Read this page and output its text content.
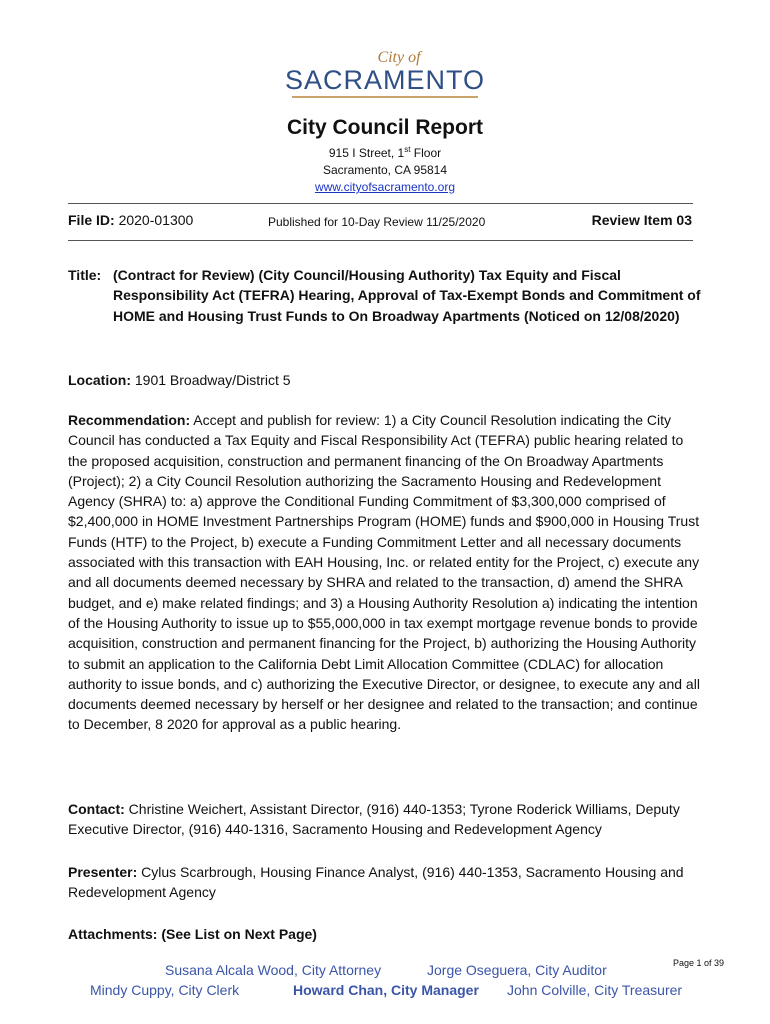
City of
SACRAMENTO
City Council Report
915 I Street, 1st Floor
Sacramento, CA 95814
www.cityofsacramento.org
File ID: 2020-01300	Published for 10-Day Review 11/25/2020	Review Item 03
Title: (Contract for Review) (City Council/Housing Authority) Tax Equity and Fiscal Responsibility Act (TEFRA) Hearing, Approval of Tax-Exempt Bonds and Commitment of HOME and Housing Trust Funds to On Broadway Apartments (Noticed on 12/08/2020)
Location: 1901 Broadway/District 5
Recommendation: Accept and publish for review: 1) a City Council Resolution indicating the City Council has conducted a Tax Equity and Fiscal Responsibility Act (TEFRA) public hearing related to the proposed acquisition, construction and permanent financing of the On Broadway Apartments (Project); 2) a City Council Resolution authorizing the Sacramento Housing and Redevelopment Agency (SHRA) to: a) approve the Conditional Funding Commitment of $3,300,000 comprised of $2,400,000 in HOME Investment Partnerships Program (HOME) funds and $900,000 in Housing Trust Funds (HTF) to the Project, b) execute a Funding Commitment Letter and all necessary documents associated with this transaction with EAH Housing, Inc. or related entity for the Project, c) execute any and all documents deemed necessary by SHRA and related to the transaction, d) amend the SHRA budget, and e) make related findings; and 3) a Housing Authority Resolution a) indicating the intention of the Housing Authority to issue up to $55,000,000 in tax exempt mortgage revenue bonds to provide acquisition, construction and permanent financing for the Project, b) authorizing the Housing Authority to submit an application to the California Debt Limit Allocation Committee (CDLAC) for allocation authority to issue bonds, and c) authorizing the Executive Director, or designee, to execute any and all documents deemed necessary by herself or her designee and related to the transaction; and continue to December, 8 2020 for approval as a public hearing.
Contact: Christine Weichert, Assistant Director, (916) 440-1353; Tyrone Roderick Williams, Deputy Executive Director, (916) 440-1316, Sacramento Housing and Redevelopment Agency
Presenter: Cylus Scarbrough, Housing Finance Analyst, (916) 440-1353, Sacramento Housing and Redevelopment Agency
Attachments: (See List on Next Page)
Page 1 of 39
Susana Alcala Wood, City Attorney	Jorge Oseguera, City Auditor
Mindy Cuppy, City Clerk	Howard Chan, City Manager John Colville, City Treasurer
